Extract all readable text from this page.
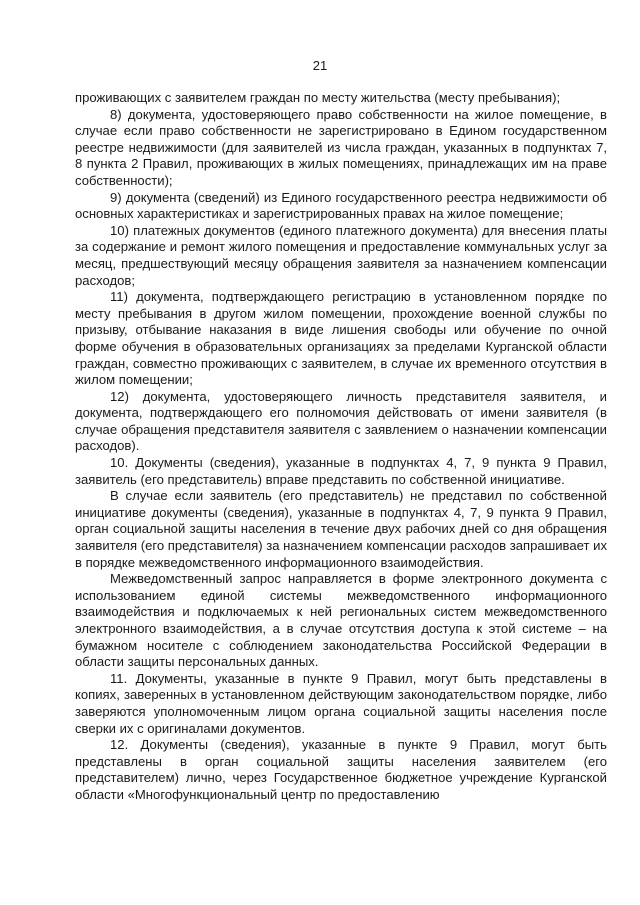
21

проживающих с заявителем граждан по месту жительства (месту пребывания);

8) документа, удостоверяющего право собственности на жилое помещение, в случае если право собственности не зарегистрировано в Едином государственном реестре недвижимости (для заявителей из числа граждан, указанных в подпунктах 7, 8 пункта 2 Правил, проживающих в жилых помещениях, принадлежащих им на праве собственности);

9) документа (сведений) из Единого государственного реестра недвижимости об основных характеристиках и зарегистрированных правах на жилое помещение;

10) платежных документов (единого платежного документа) для внесения платы за содержание и ремонт жилого помещения и предоставление коммунальных услуг за месяц, предшествующий месяцу обращения заявителя за назначением компенсации расходов;

11) документа, подтверждающего регистрацию в установленном порядке по месту пребывания в другом жилом помещении, прохождение военной службы по призыву, отбывание наказания в виде лишения свободы или обучение по очной форме обучения в образовательных организациях за пределами Курганской области граждан, совместно проживающих с заявителем, в случае их временного отсутствия в жилом помещении;

12) документа, удостоверяющего личность представителя заявителя, и документа, подтверждающего его полномочия действовать от имени заявителя (в случае обращения представителя заявителя с заявлением о назначении компенсации расходов).

10. Документы (сведения), указанные в подпунктах 4, 7, 9 пункта 9 Правил, заявитель (его представитель) вправе представить по собственной инициативе.

В случае если заявитель (его представитель) не представил по собственной инициативе документы (сведения), указанные в подпунктах 4, 7, 9 пункта 9 Правил, орган социальной защиты населения в течение двух рабочих дней со дня обращения заявителя (его представителя) за назначением компенсации расходов запрашивает их в порядке межведомственного информационного взаимодействия.

Межведомственный запрос направляется в форме электронного документа с использованием единой системы межведомственного информационного взаимодействия и подключаемых к ней региональных систем межведомственного электронного взаимодействия, а в случае отсутствия доступа к этой системе – на бумажном носителе с соблюдением законодательства Российской Федерации в области защиты персональных данных.

11. Документы, указанные в пункте 9 Правил, могут быть представлены в копиях, заверенных в установленном действующим законодательством порядке, либо заверяются уполномоченным лицом органа социальной защиты населения после сверки их с оригиналами документов.

12. Документы (сведения), указанные в пункте 9 Правил, могут быть представлены в орган социальной защиты населения заявителем (его представителем) лично, через Государственное бюджетное учреждение Курганской области «Многофункциональный центр по предоставлению
